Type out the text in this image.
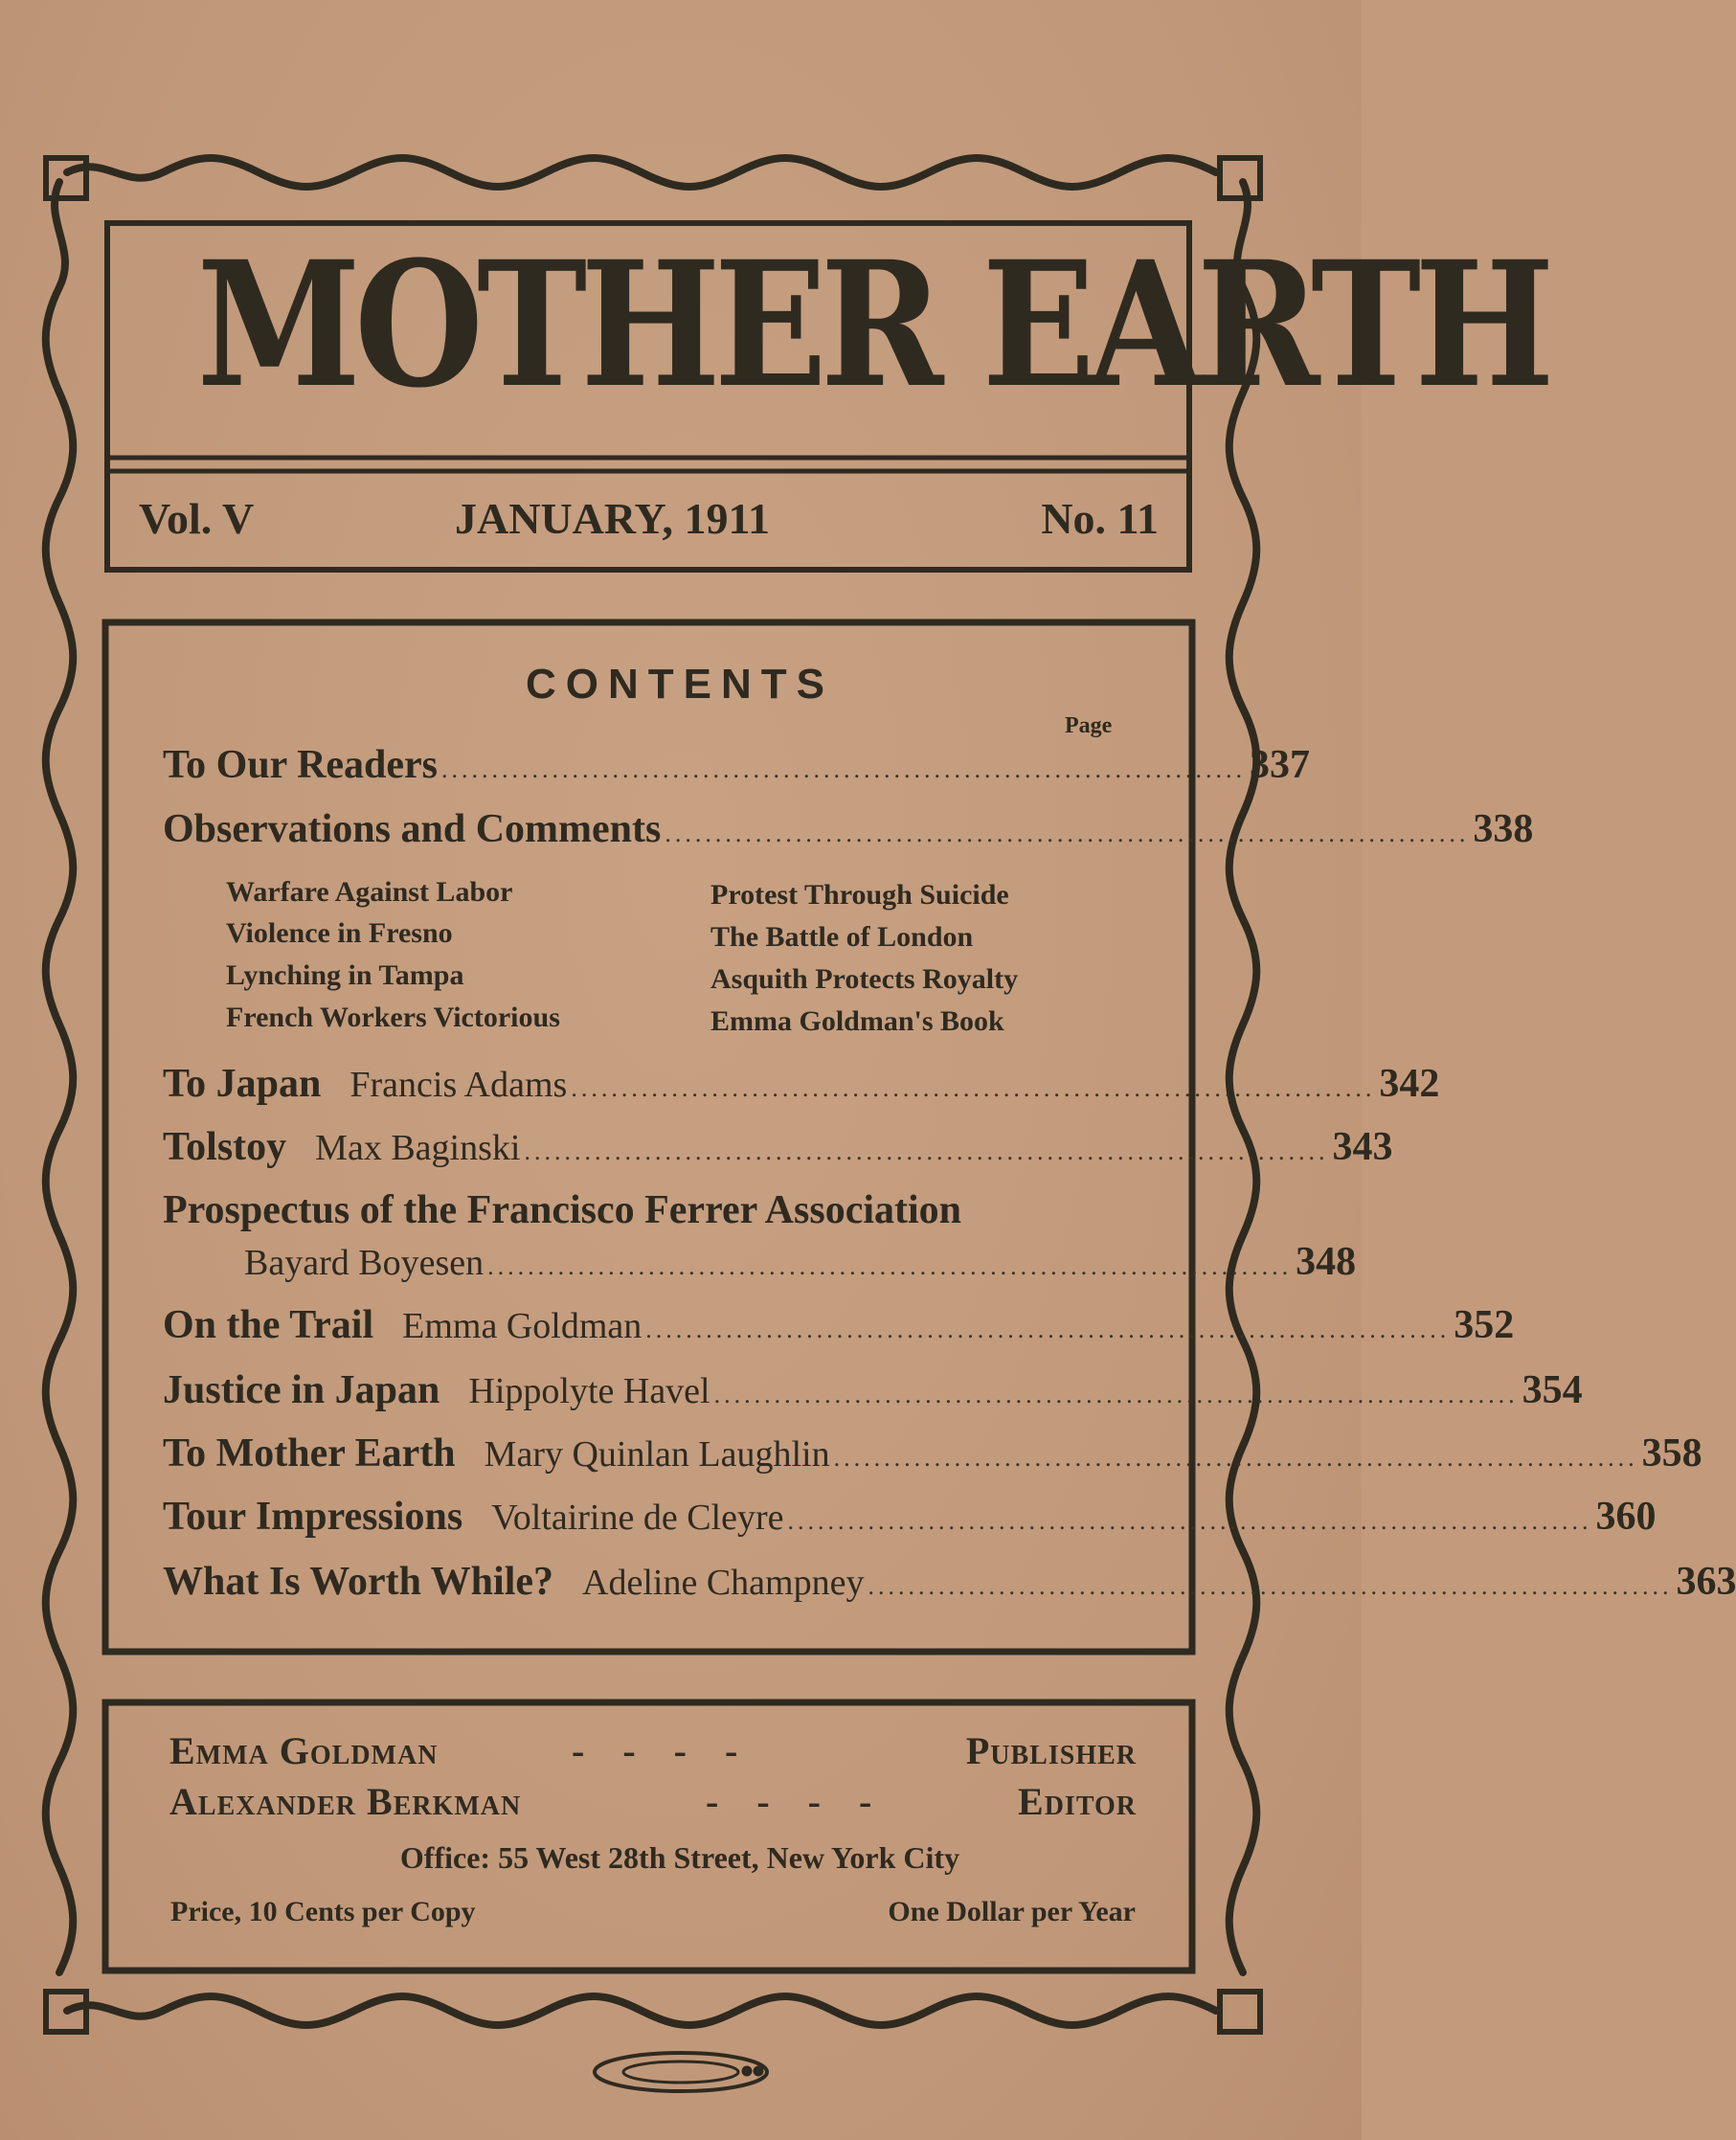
MOTHER EARTH
Vol. V	JANUARY, 1911	No. 11
CONTENTS
Page
To Our Readers ................................................................................ 337
Observations and Comments ................................................................................ 338
Warfare Against Labor
Violence in Fresno
Lynching in Tampa
French Workers Victorious
Protest Through Suicide
The Battle of London
Asquith Protects Royalty
Emma Goldman's Book
To Japan Francis Adams ................................................................................ 342
Tolstoy Max Baginski ................................................................................ 343
Prospectus of the Francisco Ferrer Association
Bayard Boyesen ................................................................................ 348
On the Trail Emma Goldman ................................................................................ 352
Justice in Japan Hippolyte Havel ................................................................................ 354
To Mother Earth Mary Quinlan Laughlin ................................................................................ 358
Tour Impressions Voltairine de Cleyre ................................................................................ 360
What Is Worth While? Adeline Champney ................................................................................ 363
Emma Goldman	-    -    -    -	Publisher
Alexander Berkman	-    -    -    -	Editor
Office: 55 West 28th Street, New York City
Price, 10 Cents per Copy	One Dollar per Year
